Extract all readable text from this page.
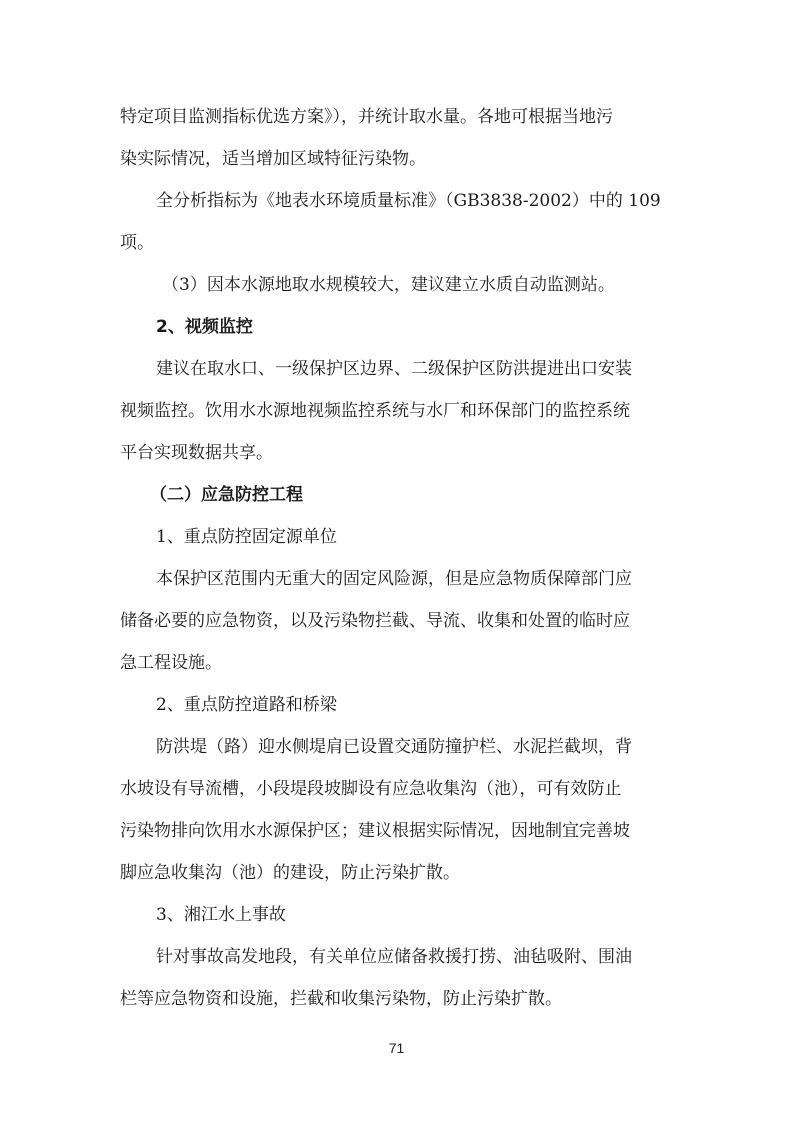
特定项目监测指标优选方案》），并统计取水量。各地可根据当地污
染实际情况，适当增加区域特征污染物。
全分析指标为《地表水环境质量标准》（GB3838-2002）中的 109
项。
（3）因本水源地取水规模较大，建议建立水质自动监测站。
2、视频监控
建议在取水口、一级保护区边界、二级保护区防洪提进出口安装
视频监控。饮用水水源地视频监控系统与水厂和环保部门的监控系统
平台实现数据共享。
（二）应急防控工程
1、重点防控固定源单位
本保护区范围内无重大的固定风险源，但是应急物质保障部门应
储备必要的应急物资，以及污染物拦截、导流、收集和处置的临时应
急工程设施。
2、重点防控道路和桥梁
防洪堤（路）迎水侧堤肩已设置交通防撞护栏、水泥拦截坝，背
水坡设有导流槽，小段堤段坡脚设有应急收集沟（池），可有效防止
污染物排向饮用水水源保护区；建议根据实际情况，因地制宜完善坡
脚应急收集沟（池）的建设，防止污染扩散。
3、湘江水上事故
针对事故高发地段，有关单位应储备救援打捞、油毡吸附、围油
栏等应急物资和设施，拦截和收集污染物，防止污染扩散。
71
